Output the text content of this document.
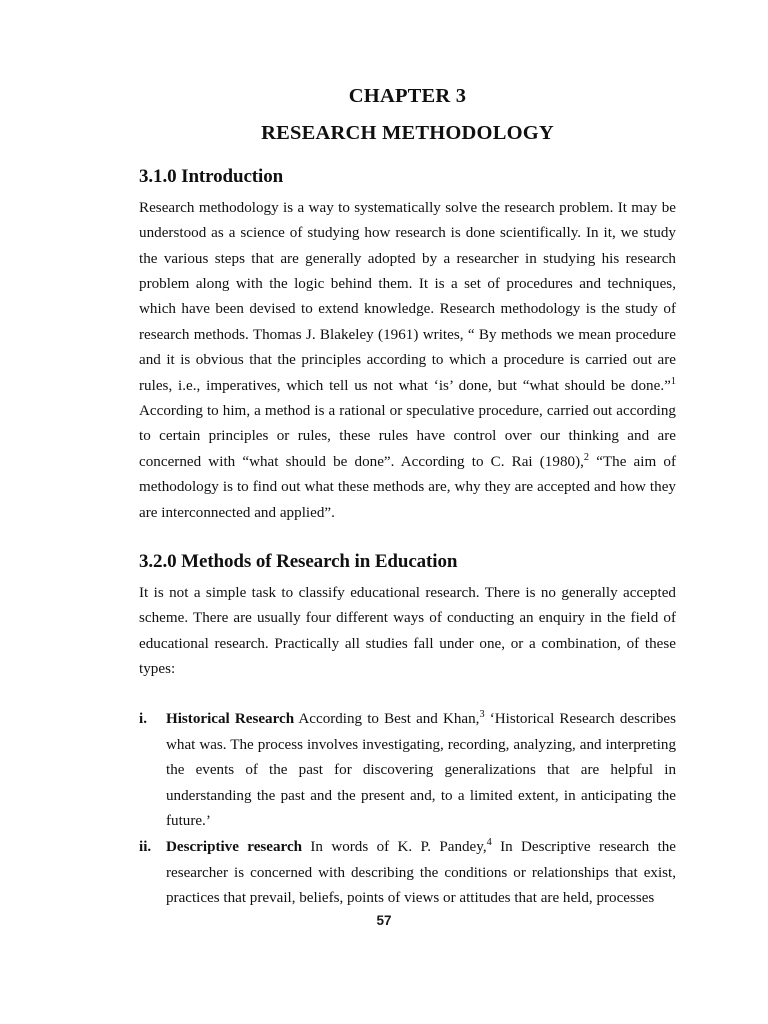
CHAPTER 3
RESEARCH METHODOLOGY
3.1.0 Introduction

Research methodology is a way to systematically solve the research problem. It may be understood as a science of studying how research is done scientifically. In it, we study the various steps that are generally adopted by a researcher in studying his research problem along with the logic behind them. It is a set of procedures and techniques, which have been devised to extend knowledge. Research methodology is the study of research methods. Thomas J. Blakeley (1961) writes, “ By methods we mean procedure and it is obvious that the principles according to which a procedure is carried out are rules, i.e., imperatives, which tell us not what ‘is’ done, but “what should be done.”$^1$ According to him, a method is a rational or speculative procedure, carried out according to certain principles or rules, these rules have control over our thinking and are concerned with “what should be done”. According to C. Rai (1980),$^2$ “The aim of methodology is to find out what these methods are, why they are accepted and how they are interconnected and applied”.

3.2.0 Methods of Research in Education

It is not a simple task to classify educational research. There is no generally accepted scheme. There are usually four different ways of conducting an enquiry in the field of educational research. Practically all studies fall under one, or a combination, of these types:

i. Historical Research According to Best and Khan,$^3$ ‘Historical Research describes what was. The process involves investigating, recording, analyzing, and interpreting the events of the past for discovering generalizations that are helpful in understanding the past and the present and, to a limited extent, in anticipating the future.’
ii. Descriptive research In words of K. P. Pandey,$^4$ In Descriptive research the researcher is concerned with describing the conditions or relationships that exist, practices that prevail, beliefs, points of views or attitudes that are held, processes
57
